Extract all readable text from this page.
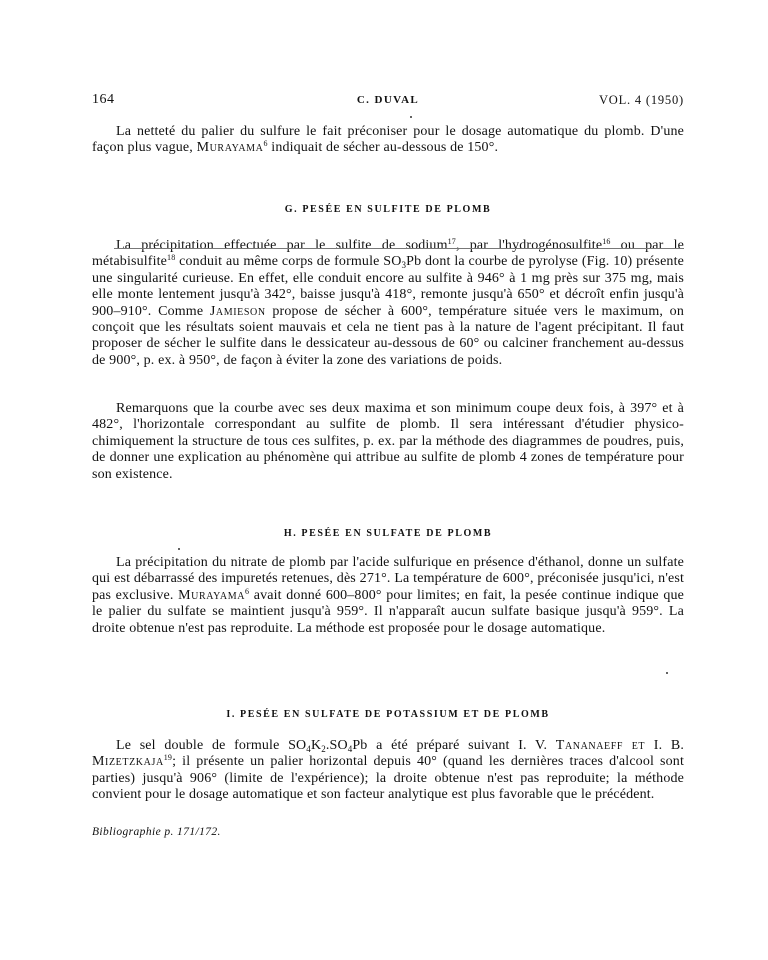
164	C. DUVAL	VOL. 4 (1950)

La netteté du palier du sulfure le fait préconiser pour le dosage automatique du plomb. D'une façon plus vague, Murayama$^6$ indiquait de sécher au-dessous de 150°.

G. PESÉE EN SULFITE DE PLOMB

La précipitation effectuée par le sulfite de sodium$^{17}$, par l'hydrogénosulfite$^{16}$ ou par le métabisulfite$^{18}$ conduit au même corps de formule $SO_3Pb$ dont la courbe de pyrolyse (Fig. 10) présente une singularité curieuse. En effet, elle conduit encore au sulfite à 946° à 1 mg près sur 375 mg, mais elle monte lentement jusqu'à 342°, baisse jusqu'à 418°, remonte jusqu'à 650° et décroît enfin jusqu'à 900–910°. Comme Jamieson propose de sécher à 600°, température située vers le maximum, on conçoit que les résultats soient mauvais et cela ne tient pas à la nature de l'agent précipitant. Il faut proposer de sécher le sulfite dans le dessicateur au-dessous de 60° ou calciner franchement au-dessus de 900°, p. ex. à 950°, de façon à éviter la zone des variations de poids.

Remarquons que la courbe avec ses deux maxima et son minimum coupe deux fois, à 397° et à 482°, l'horizontale correspondant au sulfite de plomb. Il sera intéressant d'étudier physico-chimiquement la structure de tous ces sulfites, p. ex. par la méthode des diagrammes de poudres, puis, de donner une explication au phénomène qui attribue au sulfite de plomb 4 zones de température pour son existence.

H. PESÉE EN SULFATE DE PLOMB

La précipitation du nitrate de plomb par l'acide sulfurique en présence d'éthanol, donne un sulfate qui est débarrassé des impuretés retenues, dès 271°. La température de 600°, préconisée jusqu'ici, n'est pas exclusive. Murayama$^6$ avait donné 600–800° pour limites; en fait, la pesée continue indique que le palier du sulfate se maintient jusqu'à 959°. Il n'apparaît aucun sulfate basique jusqu'à 959°. La droite obtenue n'est pas reproduite. La méthode est proposée pour le dosage automatique.

I. PESÉE EN SULFATE DE POTASSIUM ET DE PLOMB

Le sel double de formule $SO_4K_2.SO_4Pb$ a été préparé suivant I. V. Tananaeff et I. B. Mizetzkaja$^{19}$; il présente un palier horizontal depuis 40° (quand les dernières traces d'alcool sont parties) jusqu'à 906° (limite de l'expérience); la droite obtenue n'est pas reproduite; la méthode convient pour le dosage automatique et son facteur analytique est plus favorable que le précédent.

Bibliographie p. 171/172.
